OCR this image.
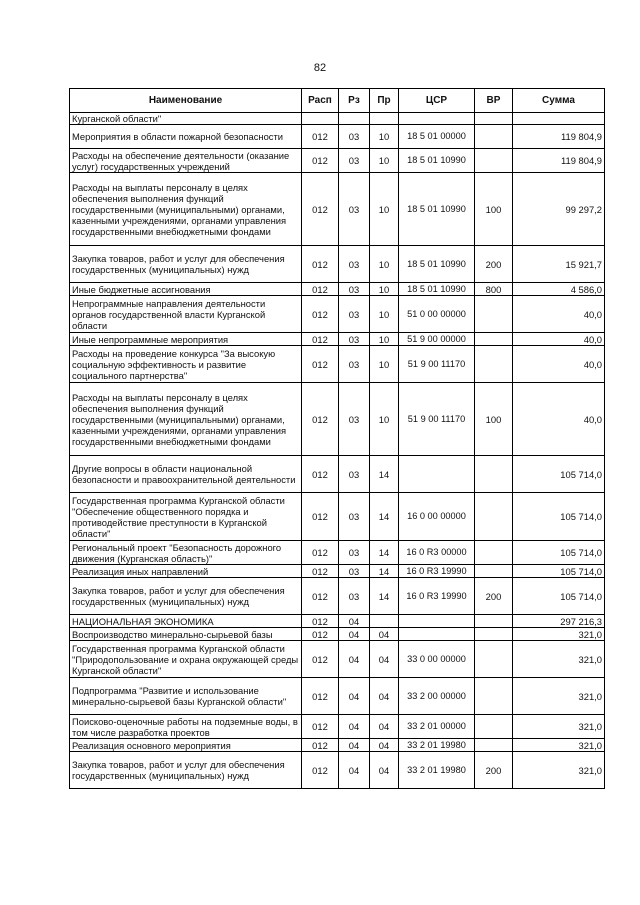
82
Наименование	Расп	Рз	Пр	ЦСР	ВР	Сумма
Курганской области"						
Мероприятия в области пожарной безопасности	012	03	10	18 5 01 00000		119 804,9
Расходы на обеспечение деятельности (оказание услуг) государственных учреждений	012	03	10	18 5 01 10990		119 804,9
Расходы на выплаты персоналу в целях обеспечения выполнения функций государственными (муниципальными) органами, казенными учреждениями, органами управления государственными внебюджетными фондами	012	03	10	18 5 01 10990	100	99 297,2
Закупка товаров, работ и услуг для обеспечения государственных (муниципальных) нужд	012	03	10	18 5 01 10990	200	15 921,7
Иные бюджетные ассигнования	012	03	10	18 5 01 10990	800	4 586,0
Непрограммные направления деятельности органов государственной власти Курганской области	012	03	10	51 0 00 00000		40,0
Иные непрограммные мероприятия	012	03	10	51 9 00 00000		40,0
Расходы на проведение конкурса "За высокую социальную эффективность и развитие социального партнерства"	012	03	10	51 9 00 11170		40,0
Расходы на выплаты персоналу в целях обеспечения выполнения функций государственными (муниципальными) органами, казенными учреждениями, органами управления государственными внебюджетными фондами	012	03	10	51 9 00 11170	100	40,0
Другие вопросы в области национальной безопасности и правоохранительной деятельности	012	03	14			105 714,0
Государственная программа Курганской области "Обеспечение общественного порядка и противодействие преступности в Курганской области"	012	03	14	16 0 00 00000		105 714,0
Региональный проект "Безопасность дорожного движения (Курганская область)"	012	03	14	16 0 R3 00000		105 714,0
Реализация иных направлений	012	03	14	16 0 R3 19990		105 714,0
Закупка товаров, работ и услуг для обеспечения государственных (муниципальных) нужд	012	03	14	16 0 R3 19990	200	105 714,0
НАЦИОНАЛЬНАЯ ЭКОНОМИКА	012	04				297 216,3
Воспроизводство минерально-сырьевой базы	012	04	04			321,0
Государственная программа Курганской области "Природопользование и охрана окружающей среды Курганской области"	012	04	04	33 0 00 00000		321,0
Подпрограмма "Развитие и использование минерально-сырьевой базы Курганской области"	012	04	04	33 2 00 00000		321,0
Поисково-оценочные работы на подземные воды, в том числе разработка проектов	012	04	04	33 2 01 00000		321,0
Реализация основного мероприятия	012	04	04	33 2 01 19980		321,0
Закупка товаров, работ и услуг для обеспечения государственных (муниципальных) нужд	012	04	04	33 2 01 19980	200	321,0
